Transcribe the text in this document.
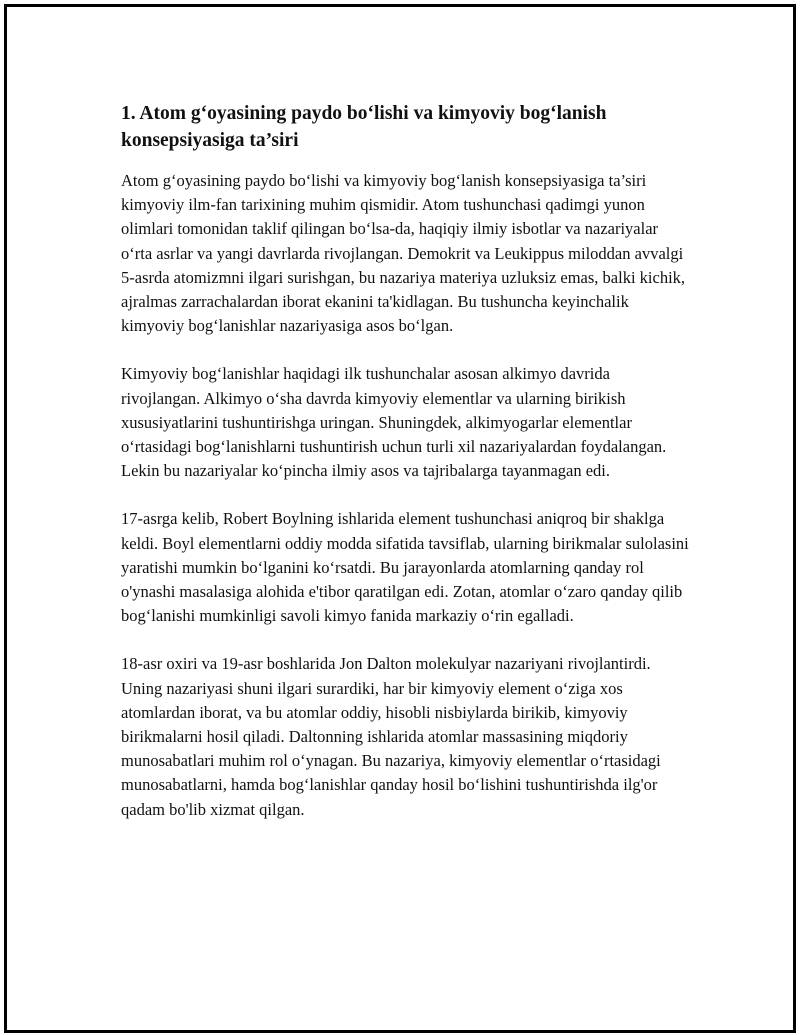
1. Atom g‘oyasining paydo bo‘lishi va kimyoviy bog‘lanish konsepsiyasiga ta’siri

Atom g‘oyasining paydo bo‘lishi va kimyoviy bog‘lanish konsepsiyasiga ta’siri kimyoviy ilm-fan tarixining muhim qismidir. Atom tushunchasi qadimgi yunon olimlari tomonidan taklif qilingan bo‘lsa-da, haqiqiy ilmiy isbotlar va nazariyalar o‘rta asrlar va yangi davrlarda rivojlangan. Demokrit va Leukippus miloddan avvalgi 5-asrda atomizmni ilgari surishgan, bu nazariya materiya uzluksiz emas, balki kichik, ajralmas zarrachalardan iborat ekanini ta'kidlagan. Bu tushuncha keyinchalik kimyoviy bog‘lanishlar nazariyasiga asos bo‘lgan.

Kimyoviy bog‘lanishlar haqidagi ilk tushunchalar asosan alkimyo davrida rivojlangan. Alkimyo o‘sha davrda kimyoviy elementlar va ularning birikish xususiyatlarini tushuntirishga uringan. Shuningdek, alkimyogarlar elementlar o‘rtasidagi bog‘lanishlarni tushuntirish uchun turli xil nazariyalardan foydalangan. Lekin bu nazariyalar ko‘pincha ilmiy asos va tajribalarga tayanmagan edi.

17-asrga kelib, Robert Boylning ishlarida element tushunchasi aniqroq bir shaklga keldi. Boyl elementlarni oddiy modda sifatida tavsiflab, ularning birikmalar sulolasini yaratishi mumkin bo‘lganini ko‘rsatdi. Bu jarayonlarda atomlarning qanday rol o'ynashi masalasiga alohida e'tibor qaratilgan edi. Zotan, atomlar o‘zaro qanday qilib bog‘lanishi mumkinligi savoli kimyo fanida markaziy o‘rin egalladi.

18-asr oxiri va 19-asr boshlarida Jon Dalton molekulyar nazariyani rivojlantirdi. Uning nazariyasi shuni ilgari surardiki, har bir kimyoviy element o‘ziga xos atomlardan iborat, va bu atomlar oddiy, hisobli nisbiylarda birikib, kimyoviy birikmalarni hosil qiladi. Daltonning ishlarida atomlar massasining miqdoriy munosabatlari muhim rol o‘ynagan. Bu nazariya, kimyoviy elementlar o‘rtasidagi munosabatlarni, hamda bog‘lanishlar qanday hosil bo‘lishini tushuntirishda ilg'or qadam bo'lib xizmat qilgan.
